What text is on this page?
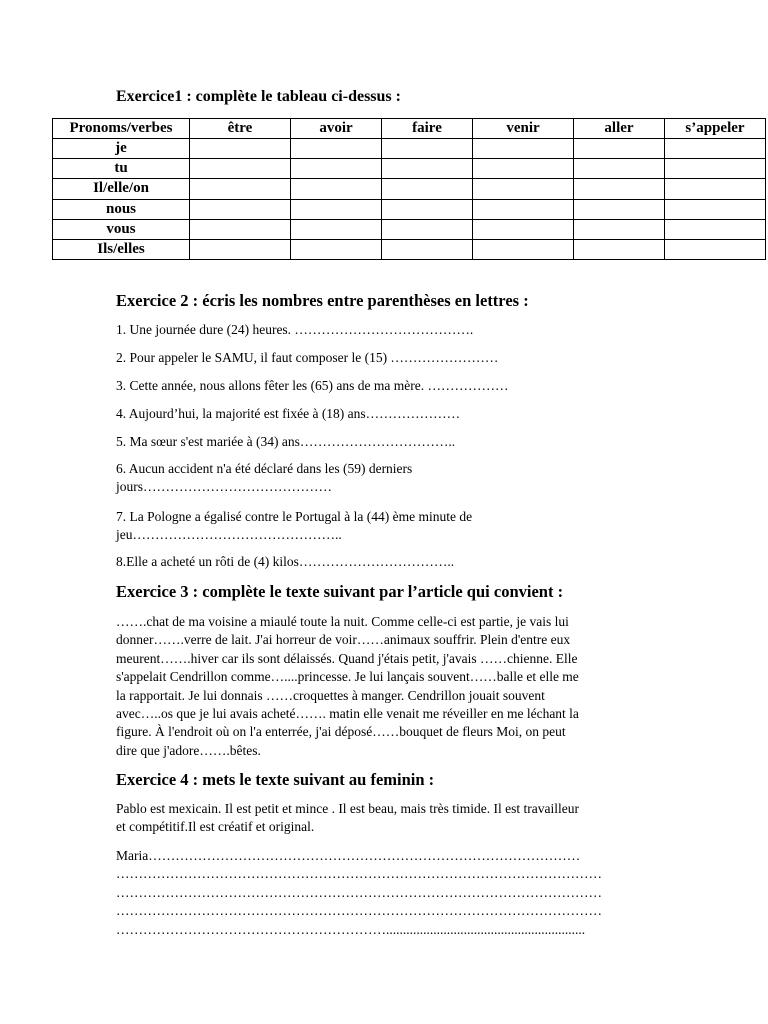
Exercice1 : complète le tableau ci-dessus :
Pronoms/verbes	être	avoir	faire	venir	aller	s’appeler
je						
tu						
Il/elle/on						
nous						
vous						
Ils/elles						
Exercice 2 : écris les nombres entre parenthèses en lettres :
1. Une journée dure (24) heures. ………………………………….
2. Pour appeler le SAMU, il faut composer le (15) ……………………
3. Cette année, nous allons fêter les (65) ans de ma mère. ………………
4. Aujourd’hui, la majorité est fixée à (18) ans…………………
5. Ma sœur s'est mariée à (34) ans……………………………..
6. Aucun accident n'a été déclaré dans les (59) derniers jours……………………………………
7. La Pologne a égalisé contre le Portugal à la (44) ème minute de jeu………………………………………..
8.Elle a acheté un rôti de (4) kilos……………………………..
Exercice 3 : complète le texte suivant par l’article qui convient :
…….chat de ma voisine a miaulé toute la nuit. Comme celle-ci est partie, je vais lui
donner…….verre de lait. J'ai horreur de voir……animaux souffrir. Plein d'entre eux
meurent…….hiver car ils sont délaissés. Quand j'étais petit, j'avais ……chienne. Elle
s'appelait Cendrillon comme…....princesse. Je lui lançais souvent……balle et elle me
la rapportait. Je lui donnais ……croquettes à manger. Cendrillon jouait souvent
avec…..os que je lui avais acheté……. matin elle venait me réveiller en me léchant la
figure. À l'endroit où on l'a enterrée, j'ai déposé……bouquet de fleurs Moi, on peut
dire que j'adore…….bêtes.
Exercice 4 : mets le texte suivant au feminin :
Pablo est mexicain. Il est petit et mince . Il est beau, mais très timide. Il est travailleur
et compétitif.Il est créatif et original.
Maria……………………………………………………………………………………
………………………………………………………………………………………………
………………………………………………………………………………………………
………………………………………………………………………………………………
……………………………………………………...........................................................
